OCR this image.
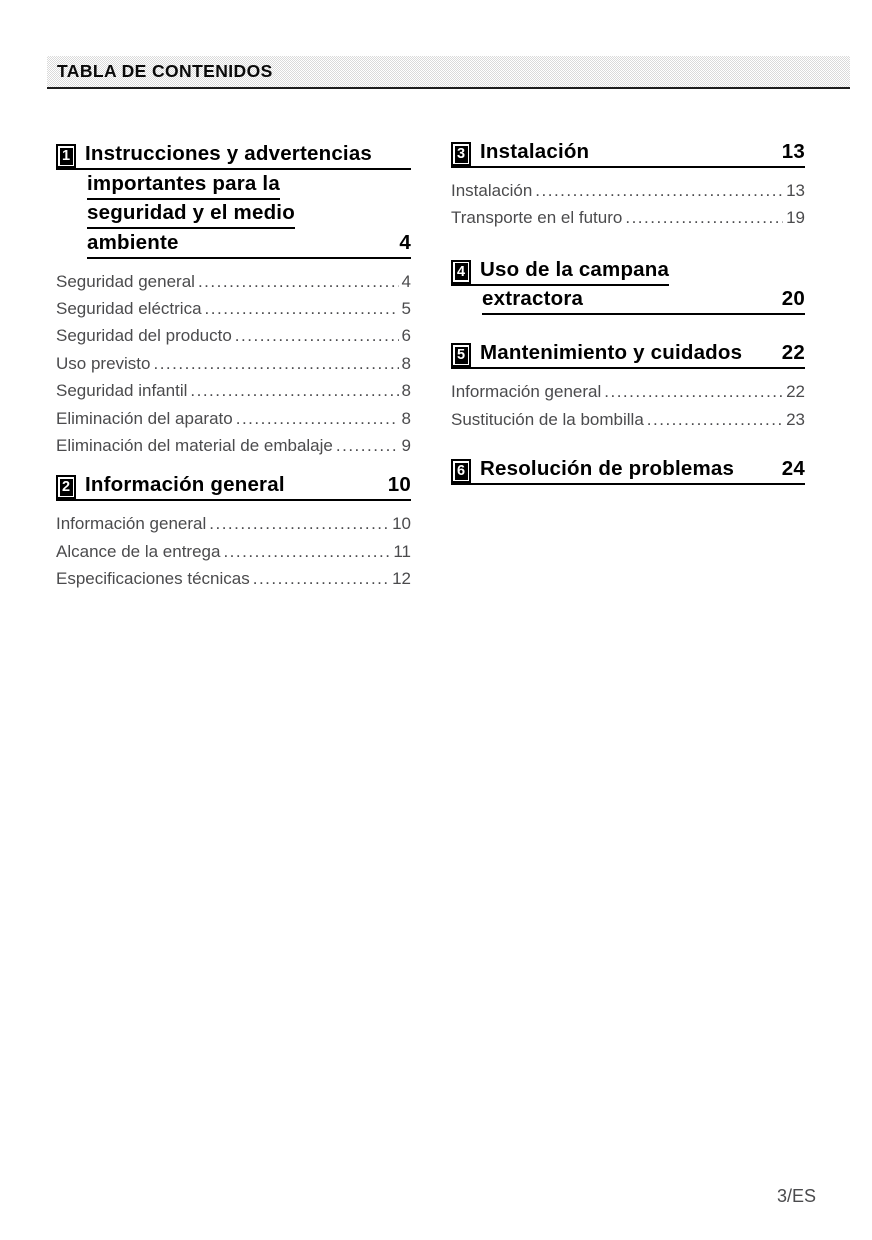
TABLA DE CONTENIDOS
1 Instrucciones y advertencias
importantes para la
seguridad y el medio
ambiente	4
Seguridad general .....	4
Seguridad eléctrica .....	5
Seguridad del producto .....	6
Uso previsto .....	8
Seguridad infantil .....	8
Eliminación del aparato .....	8
Eliminación del material de embalaje .....	9
2 Información general	10
Información general .....	10
Alcance de la entrega .....	11
Especificaciones técnicas .....	12
3 Instalación	13
Instalación .....	13
Transporte en el futuro .....	19
4 Uso de la campana
extractora	20
5 Mantenimiento y cuidados 22
Información general .....	22
Sustitución de la bombilla .....	23
6 Resolución de problemas 24
3/ES
